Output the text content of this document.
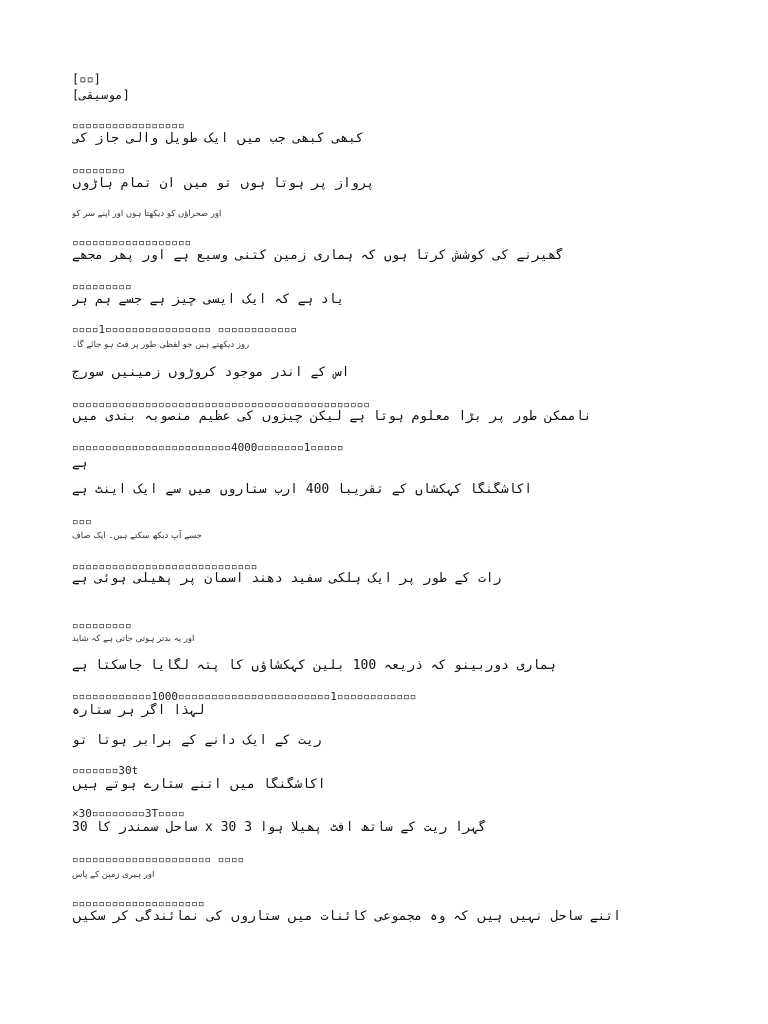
[▫▫]
[موسیقی]
▫▫▫▫▫▫▫▫▫▫▫▫▫▫▫▫▫
کبھی کبھی جب میں ایک طویل والی جاز کی
▫▫▫▫▫▫▫▫
پرواز پر ہوتا ہوں تو میں ان تمام ہاڑوں
اور صحراؤں کو دیکھتا ہوں اور اپنے سر کو
▫▫▫▫▫▫▫▫▫▫▫▫▫▫▫▫▫▫
گھیرنے کی کوشش کرتا ہوں کہ ہماری زمین کتنی وسیع ہے اور پھر مجھے
▫▫▫▫▫▫▫▫▫
یاد ہے کہ ایک ایسی چیز ہے جسے ہم ہر
▫▫▫▫1▫▫▫▫▫▫▫▫▫▫▫▫▫▫▫▫ ▫▫▫▫▫▫▫▫▫▫▫▫
روز دیکھتے ہیں جو لفظی طور پر فٹ ہو جائے گا۔
اس کے اندر موجود کروڑوں زمینیں سورج
▫▫▫▫▫▫▫▫▫▫▫▫▫▫▫▫▫▫▫▫▫▫▫▫▫▫▫▫▫▫▫▫▫▫▫▫▫▫▫▫▫▫▫▫▫
ناممکن طور پر بڑا معلوم ہوتا ہے لیکن چیزوں کی عظیم منصوبہ بندی میں
▫▫▫▫▫▫▫▫▫▫▫▫▫▫▫▫▫▫▫▫▫▫▫▫4000▫▫▫▫▫▫▫1▫▫▫▫▫
ہے
آکاشگنگا کہکشاں کے تقریباً 400 ارب ستاروں میں سے ایک اینٹ ہے
▫▫▫
جسے آپ دیکھ سکتے ہیں۔ ایک صاف
▫▫▫▫▫▫▫▫▫▫▫▫▫▫▫▫▫▫▫▫▫▫▫▫▫▫▫▫
رات کے طور پر ایک ہلکی سفید دھند آسمان پر پھیلی ہوئی ہے
▫▫▫▫▫▫▫▫▫
اور یہ بدتر ہوتی جاتی ہے کہ شاید
ہماری دوربینو کہ ذریعہ 100 بلین کہکشاؤں کا پتہ لگایا جاسکتا ہے
▫▫▫▫▫▫▫▫▫▫▫▫1000▫▫▫▫▫▫▫▫▫▫▫▫▫▫▫▫▫▫▫▫▫▫▫1▫▫▫▫▫▫▫▫▫▫▫▫
لہذا اگر ہر ستارہ
ریت کے ایک دانے کے برابر ہوتا تو
▫▫▫▫▫▫▫30t
آکاشگنگا میں اتنے ستارے ہوتے ہیں
×30▫▫▫▫▫▫▫▫3T▫▫▫▫
30 ساحل سمندر کا x 30 3 گہرا ریت کے ساتھ آفٹ پھیلا ہوا
▫▫▫▫▫▫▫▫▫▫▫▫▫▫▫▫▫▫▫▫▫ ▫▫▫▫
اور ہیری زمین کے پاس
▫▫▫▫▫▫▫▫▫▫▫▫▫▫▫▫▫▫▫▫
اتنے ساحل نہیں ہیں کہ وہ مجموعی کائنات میں ستاروں کی نمائندگی کر سکیں
